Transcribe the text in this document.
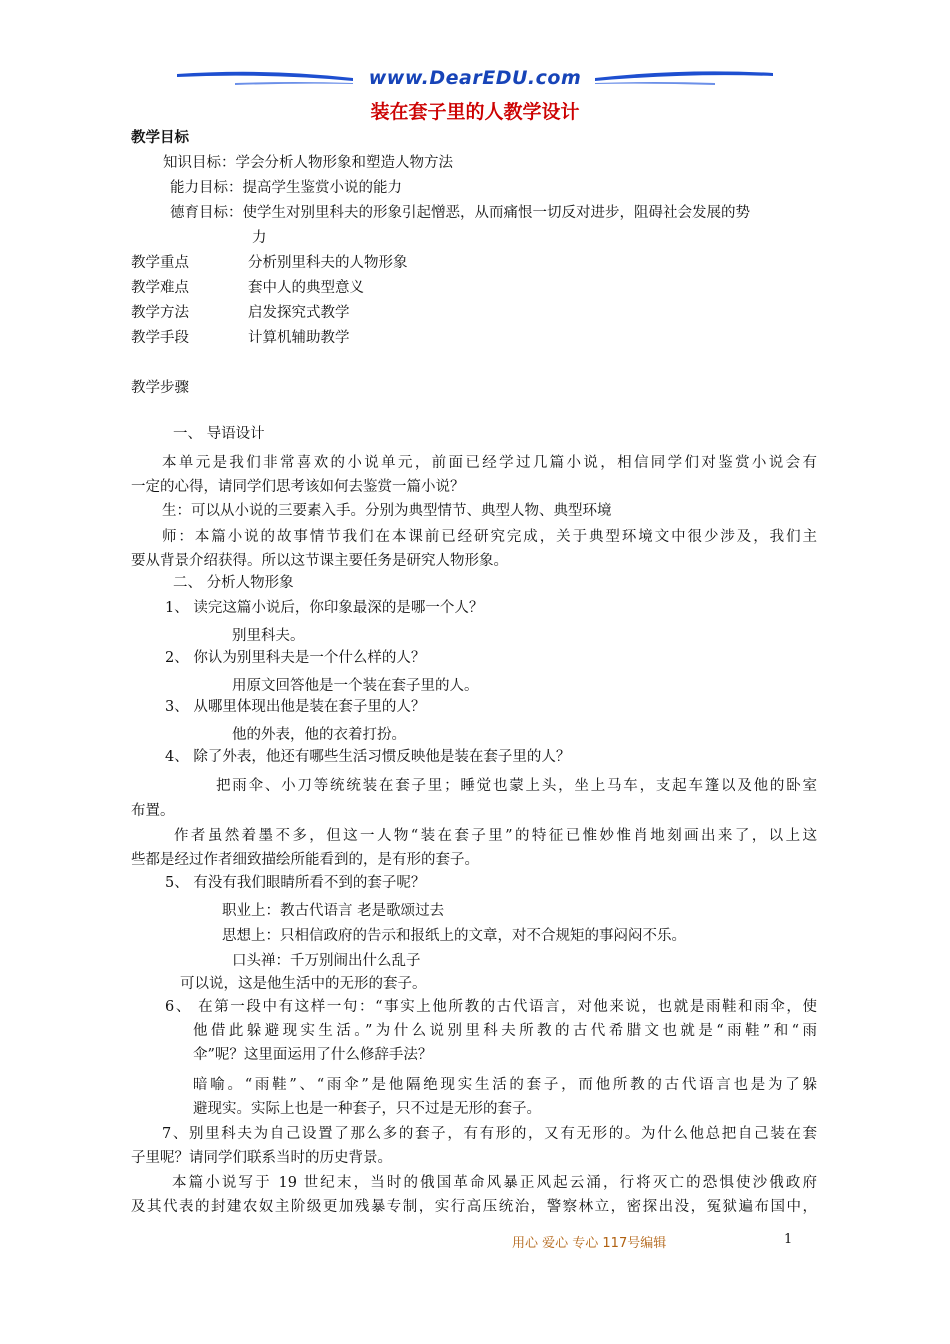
www.DearEDU.com
装在套子里的人教学设计
教学目标
知识目标：学会分析人物形象和塑造人物方法
能力目标：提高学生鉴赏小说的能力
德育目标：使学生对别里科夫的形象引起憎恶，从而痛恨一切反对进步，阻碍社会发展的势
力
教学重点	分析别里科夫的人物形象
教学难点	套中人的典型意义
教学方法	启发探究式教学
教学手段	计算机辅助教学
教学步骤
一、 导语设计
本单元是我们非常喜欢的小说单元，前面已经学过几篇小说，相信同学们对鉴赏小说会有
一定的心得，请同学们思考该如何去鉴赏一篇小说？
生：可以从小说的三要素入手。分别为典型情节、典型人物、典型环境
师：本篇小说的故事情节我们在本课前已经研究完成，关于典型环境文中很少涉及，我们主
要从背景介绍获得。所以这节课主要任务是研究人物形象。
二、 分析人物形象
1、 读完这篇小说后，你印象最深的是哪一个人？
别里科夫。
2、 你认为别里科夫是一个什么样的人？
用原文回答他是一个装在套子里的人。
3、 从哪里体现出他是装在套子里的人？
他的外表，他的衣着打扮。
4、 除了外表，他还有哪些生活习惯反映他是装在套子里的人？
把雨伞、小刀等统统装在套子里；睡觉也蒙上头，坐上马车，支起车篷以及他的卧室
布置。
作者虽然着墨不多，但这一人物“装在套子里”的特征已惟妙惟肖地刻画出来了，以上这
些都是经过作者细致描绘所能看到的，是有形的套子。
5、 有没有我们眼睛所看不到的套子呢？
职业上：教古代语言 老是歌颂过去
思想上：只相信政府的告示和报纸上的文章，对不合规矩的事闷闷不乐。
口头禅：千万别闹出什么乱子
可以说，这是他生活中的无形的套子。
6、 在第一段中有这样一句：“事实上他所教的古代语言，对他来说，也就是雨鞋和雨伞，使
他借此躲避现实生活。”为什么说别里科夫所教的古代希腊文也就是“雨鞋”和“雨
伞”呢？这里面运用了什么修辞手法？
暗喻。“雨鞋”、“雨伞”是他隔绝现实生活的套子，而他所教的古代语言也是为了躲
避现实。实际上也是一种套子，只不过是无形的套子。
7、别里科夫为自己设置了那么多的套子，有有形的，又有无形的。为什么他总把自己装在套
子里呢？请同学们联系当时的历史背景。
本篇小说写于 19 世纪末，当时的俄国革命风暴正风起云涌，行将灭亡的恐惧使沙俄政府
及其代表的封建农奴主阶级更加残暴专制，实行高压统治，警察林立，密探出没，冤狱遍布国中，
用心 爱心 专心 117号编辑	1
